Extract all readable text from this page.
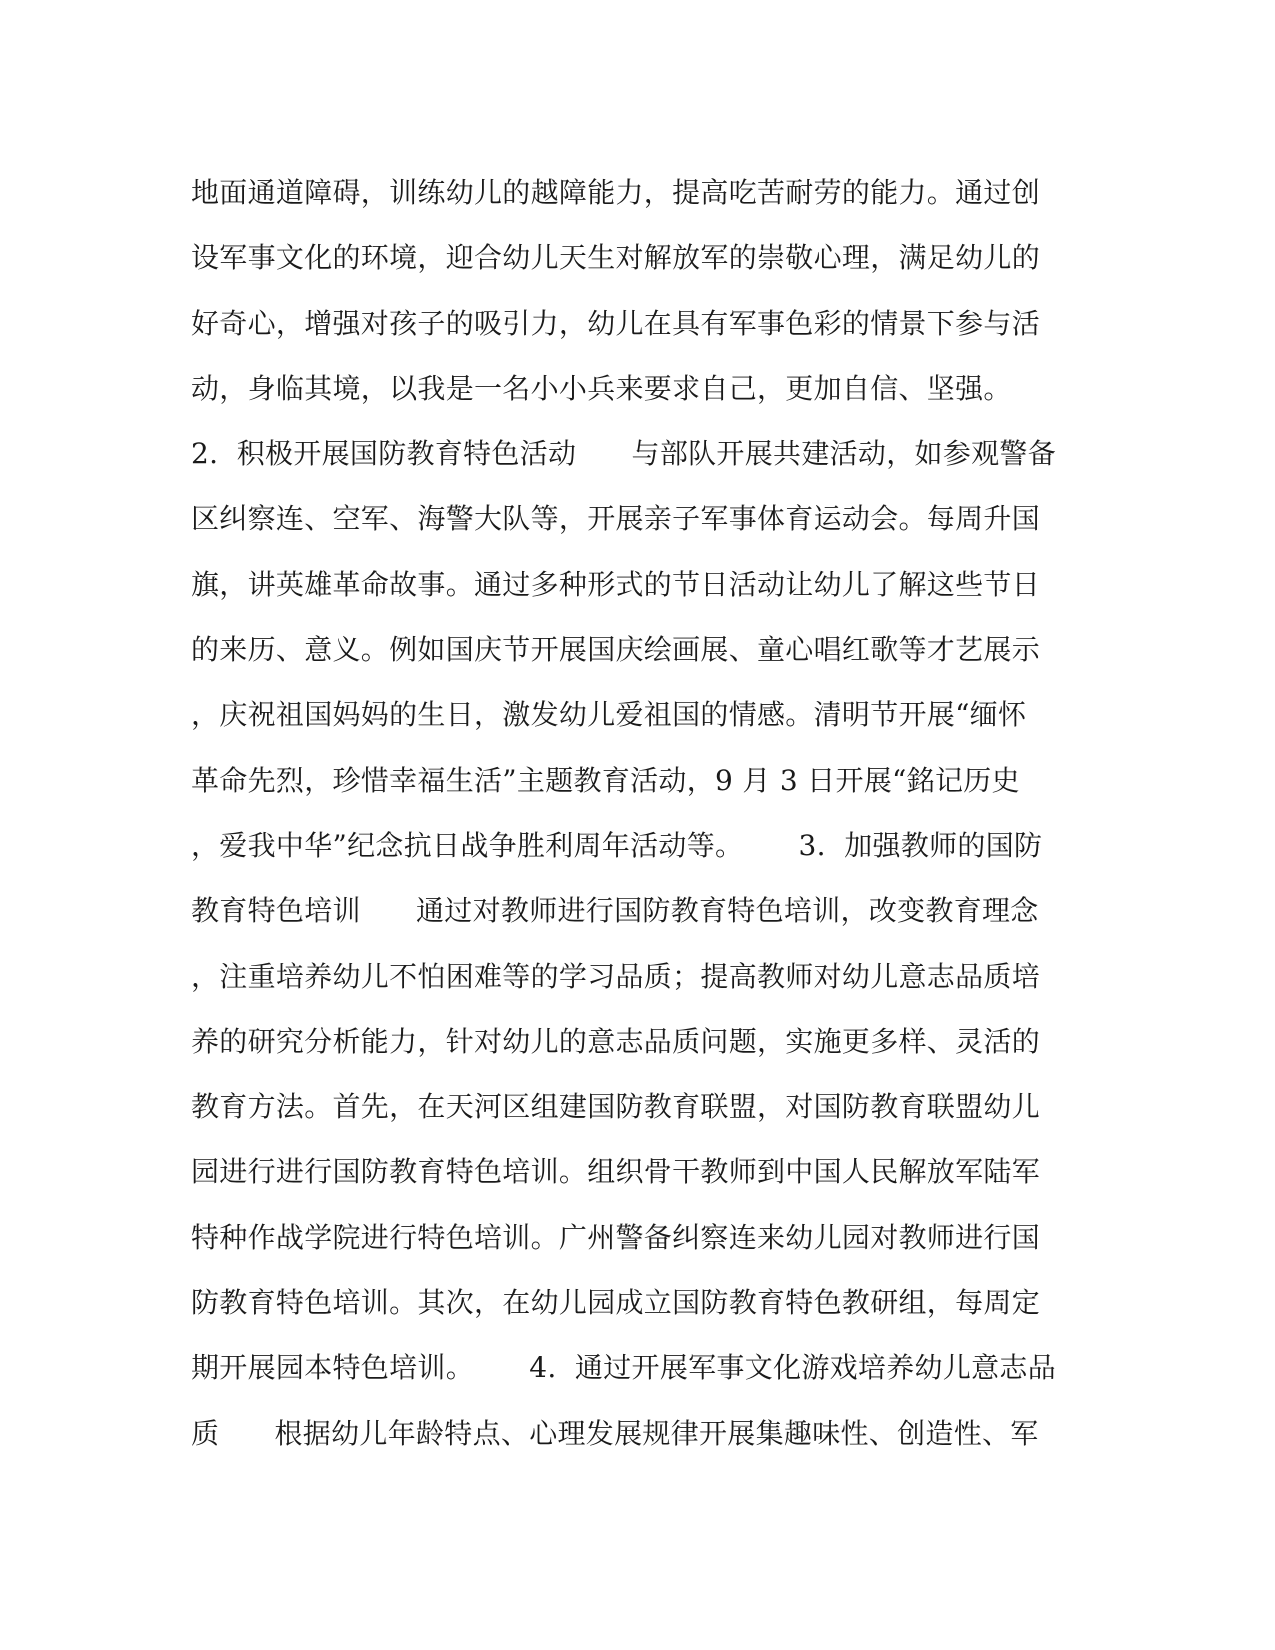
地面通道障碍，训练幼儿的越障能力，提高吃苦耐劳的能力。通过创
设军事文化的环境，迎合幼儿天生对解放军的崇敬心理，满足幼儿的
好奇心，增强对孩子的吸引力，幼儿在具有军事色彩的情景下参与活
动，身临其境，以我是一名小小兵来要求自己，更加自信、坚强。
2.  积极开展国防教育特色活动      与部队开展共建活动，如参观警备
区纠察连、空军、海警大队等，开展亲子军事体育运动会。每周升国
旗，讲英雄革命故事。通过多种形式的节日活动让幼儿了解这些节日
的来历、意义。例如国庆节开展国庆绘画展、童心唱红歌等才艺展示
，庆祝祖国妈妈的生日，激发幼儿爱祖国的情感。清明节开展“缅怀
革命先烈，珍惜幸福生活”主题教育活动，9 月 3 日开展“銘记历史
，爱我中华”纪念抗日战争胜利周年活动等。      3.  加强教师的国防
教育特色培训      通过对教师进行国防教育特色培训，改变教育理念
，注重培养幼儿不怕困难等的学习品质；提高教师对幼儿意志品质培
养的研究分析能力，针对幼儿的意志品质问题，实施更多样、灵活的
教育方法。首先，在天河区组建国防教育联盟，对国防教育联盟幼儿
园进行进行国防教育特色培训。组织骨干教师到中国人民解放军陆军
特种作战学院进行特色培训。广州警备纠察连来幼儿园对教师进行国
防教育特色培训。其次，在幼儿园成立国防教育特色教研组，每周定
期开展园本特色培训。      4.  通过开展军事文化游戏培养幼儿意志品
质      根据幼儿年龄特点、心理发展规律开展集趣味性、创造性、军
